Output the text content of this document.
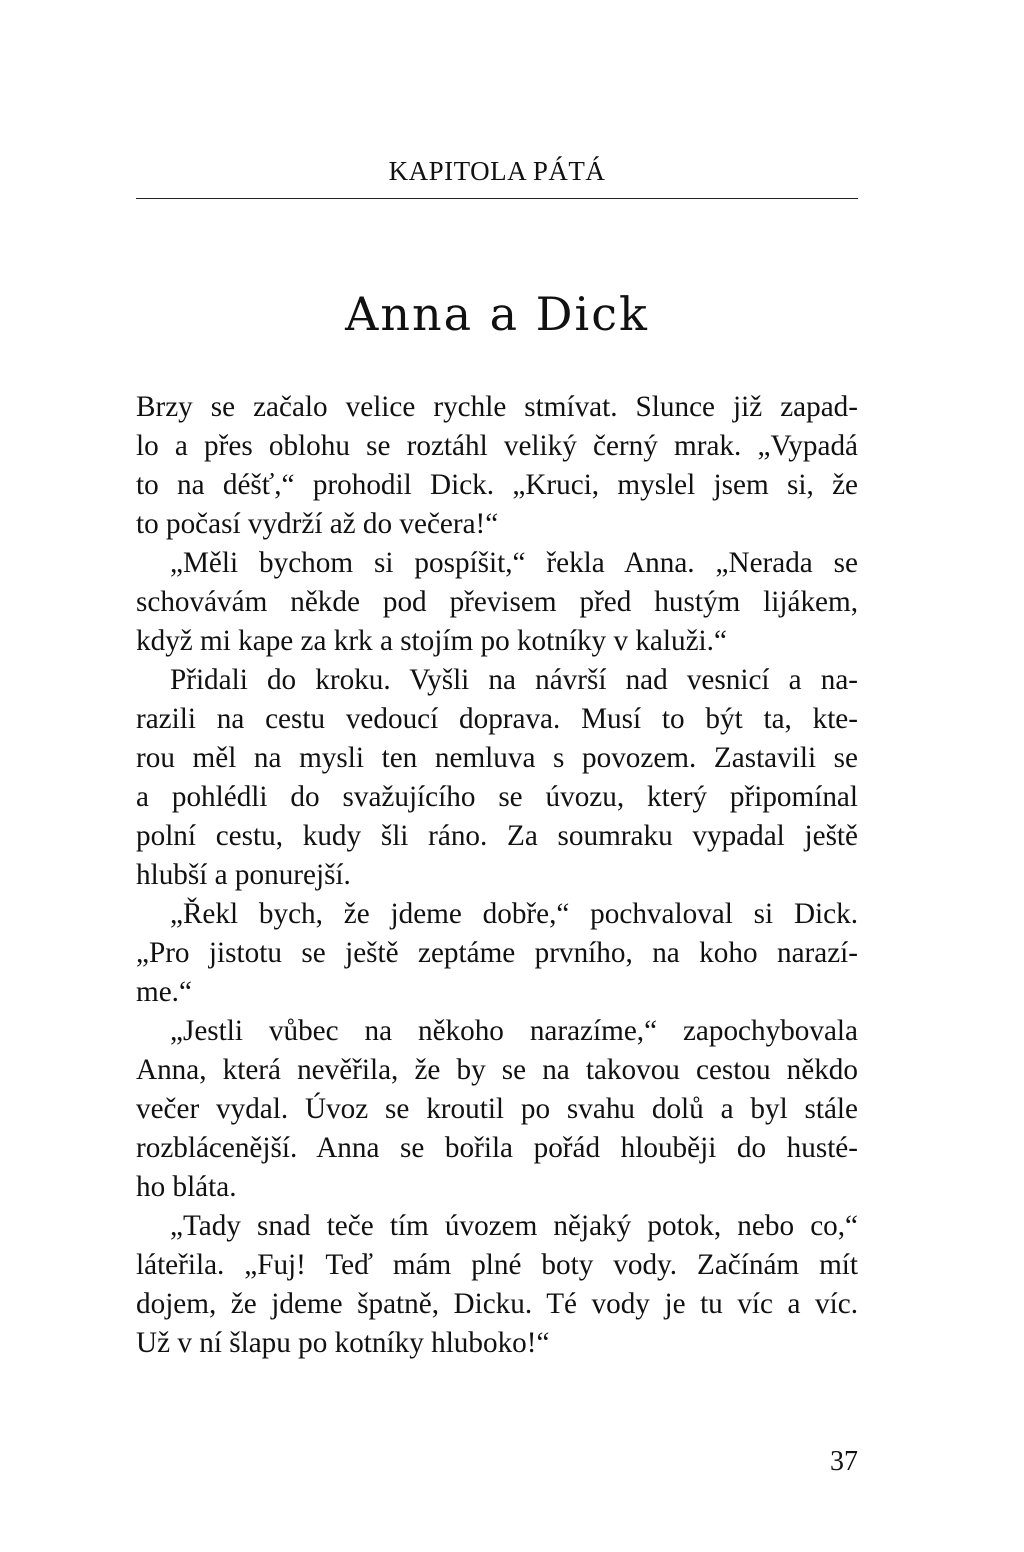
KAPITOLA PÁTÁ
Anna a Dick

Brzy se začalo velice rychle stmívat. Slunce již zapad-
lo a přes oblohu se roztáhl veliký černý mrak. „Vypadá
to na déšť,“ prohodil Dick. „Kruci, myslel jsem si, že
to počasí vydrží až do večera!“

„Měli bychom si pospíšit,“ řekla Anna. „Nerada se
schovávám někde pod převisem před hustým lijákem,
když mi kape za krk a stojím po kotníky v kaluži.“

Přidali do kroku. Vyšli na návrší nad vesnicí a na-
razili na cestu vedoucí doprava. Musí to být ta, kte-
rou měl na mysli ten nemluva s povozem. Zastavili se
a pohlédli do svažujícího se úvozu, který připomínal
polní cestu, kudy šli ráno. Za soumraku vypadal ještě
hlubší a ponurejší.

„Řekl bych, že jdeme dobře,“ pochvaloval si Dick.
„Pro jistotu se ještě zeptáme prvního, na koho narazí-
me.“

„Jestli vůbec na někoho narazíme,“ zapochybovala
Anna, která nevěřila, že by se na takovou cestou někdo
večer vydal. Úvoz se kroutil po svahu dolů a byl stále
rozbláceněјší. Anna se bořila pořád hlouběji do husté-
ho bláta.

„Tady snad teče tím úvozem nějaký potok, nebo co,“
láteřila. „Fuj! Teď mám plné boty vody. Začínám mít
dojem, že jdeme špatně, Dicku. Té vody je tu víc a víc.
Už v ní šlapu po kotníky hluboko!“

37
